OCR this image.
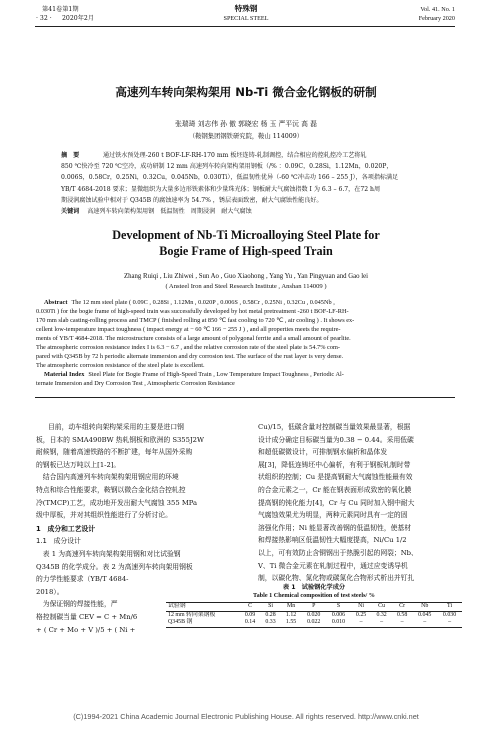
第41卷第1期
· 32 · 2020年2月
特殊钢
SPECIAL STEEL
Vol. 41. No. 1
February 2020
高速列车转向架构架用 Nb-Ti 微合金化钢板的研制
张瑞琦 刘志伟 孙 傲 郭晓宏 杨 玉 严平沅 高 磊
（鞍钢集团钢铁研究院，鞍山 114009）
摘　要	通过铁水预处理-260 t BOF-LF-RH-170 mm 板坯连铸-轧制调控，结合相应的控轧控冷工艺将轧
850 ℃快冷至 720 ℃空冷，成功研制 12 mm 高速列车转向架构架用钢板（/% ：0.09C，0.28Si，1.12Mn，0.020P，
0.006S，0.58Cr，0.25Ni，0.32Cu，0.045Nb，0.030Ti），低温韧性优异（-60 ℃冲击功 166 – 255 J），各项指标满足
YB/T 4684-2018 要求；显微组织为大量多边形铁素体和少量珠光体；钢板耐大气腐蚀指数 I 为 6.3 – 6.7，在72 h周
期浸润腐蚀试验中相对于 Q345B 的腐蚀速率为 54.7% ，锈层表面致密，耐大气腐蚀性能良好。
关键词 高速列车转向架构架用钢　低温韧性　周期浸润　耐大气腐蚀
Development of Nb-Ti Microalloying Steel Plate for
Bogie Frame of High-speed Train
Zhang Ruiqi , Liu Zhiwei , Sun Ao , Guo Xiaohong , Yang Yu , Yan Pingyuan and Gao lei
( Ansteel Iron and Steel Research Institute , Anshan 114009 )
Abstract The 12 mm steel plate ( 0.09C , 0.28Si , 1.12Mn , 0.020P , 0.006S , 0.58Cr , 0.25Ni , 0.32Cu , 0.045Nb ,
0.030Ti ) for the bogie frame of high-speed train was successfully developed by hot metal pretreatment -260 t BOF-LF-RH-
170 mm slab casting-rolling process and TMCP ( finished rolling at 850 ℃ fast cooling to 720 ℃ , air cooling ) . It shows ex-
cellent low-temperature impact toughness ( impact energy at − 60 ℃ 166 − 255 J ) , and all properties meets the require-
ments of YB/T 4684-2018. The microstructure consists of a large amount of polygonal ferrite and a small amount of pearlite.
The atmospheric corrosion resistance index I is 6.3 − 6.7 , and the relative corrosion rate of the steel plate is 54.7% com-
pared with Q345B by 72 h periodic alternate immersion and dry corrosion test. The surface of the rust layer is very dense.
The atmospheric corrosion resistance of the steel plate is excellent.
Material Index Steel Plate for Bogie Frame of High-Speed Train , Low Temperature Impact Toughness , Periodic Al-
ternate Immersion and Dry Corrosion Test , Atmospheric Corrosion Resistance

目前，动车组转向架构架采用的主要是进口钢

板，日本的 SMA490BW 热轧钢板和欧洲的 S355J2W

耐候钢，随着高速铁路的不断扩建，每年从国外采购

的钢板已达万吨以上[1-2]。

　结合国内高速列车转向架构架用钢应用的环境

特点和综合性能要求，鞍钢以微合金化结合控轧控

冷(TMCP)工艺，成功地开发出耐大气腐蚀 355 MPa

级中厚板，并对其组织性能进行了分析讨论。

1　成分和工艺设计

1.1　成分设计

　表 1 为高速列车转向架构架用钢和对比试验钢

Q345B 的化学成分。表 2 为高速列车转向架用钢板

的力学性能要求（YB/T 4684-

2018）。

　为保证钢的焊接性能，严

格控制碳当量 CEV = C + Mn/6

+ ( Cr + Mo + V )/5 + ( Ni +

Cu)/15，低碳含量对控制碳当量效果最显著，根据

设计成分确定目标碳当量为0.38 − 0.44。采用低碳

和超低碳微设计，可排制钢水偏析和晶体发

展[3]，降低连铸坯中心偏析，有利于钢板轧制时带

状组织的控制；Cu 是提高钢耐大气腐蚀性能最有效

的合金元素之一，Cr 能在钢表面形成致密的氧化膜

提高钢的钝化能力[4]，Cr 与 Cu 同时加入钢中耐大

气腐蚀效果尤为明显，两种元素同时具有一定的固

溶强化作用；Ni 能显著改善钢的低温韧性，使基材

和焊接热影响区低温韧性大幅度提高，Ni/Cu 1/2

以上，可有效防止含铜钢出于热脆引起的网裂；Nb、

V、Ti 微合金元素在轧制过程中，通过应变诱导机

制，以碳化物、氮化物或碳氮化合物形式析出并钉扎

表 1　试验钢化学成分
Table 1 Chemical composition of test steels/ %
试验钢	C	Si	Mn	P	S	Ni	Cu	Cr	Nb	Ti
12 mm 转向架钢板	0.09	0.28	1.12	0.020	0.006	0.25	0.32	0.58	0.045	0.030
Q345B 钢	0.14	0.33	1.55	0.022	0.010	–	–	–	–	–
(C)1994-2021 China Academic Journal Electronic Publishing House. All rights reserved. http://www.cnki.net
